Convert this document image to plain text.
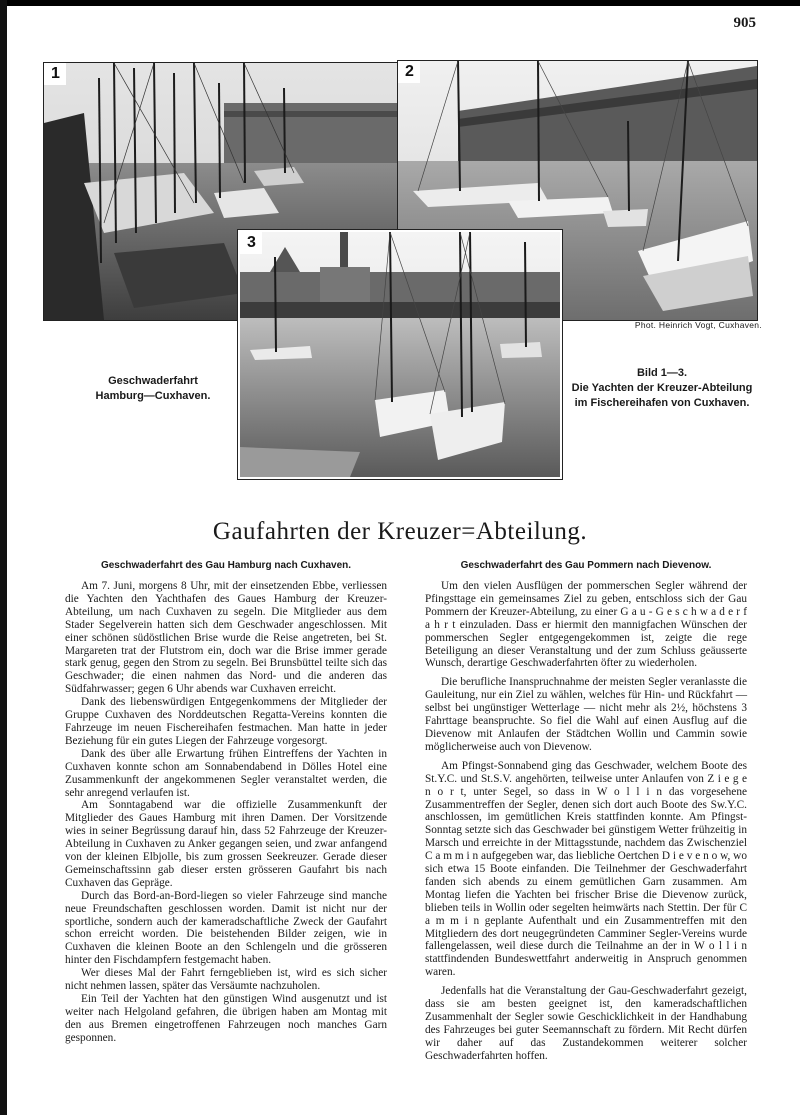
905
1	2
3
Geschwaderfahrt
Hamburg—Cuxhaven.
Phot. Heinrich Vogt, Cuxhaven.
Bild 1—3.
Die Yachten der Kreuzer-Abteilung
im Fischereihafen von Cuxhaven.
Gaufahrten der Kreuzer=Abteilung.
Geschwaderfahrt des Gau Hamburg nach Cuxhaven.

Am 7. Juni, morgens 8 Uhr, mit der einsetzenden Ebbe, verliessen die Yachten den Yachthafen des Gaues Hamburg der Kreuzer-Abteilung, um nach Cuxhaven zu segeln. Die Mitglieder aus dem Stader Segelverein hatten sich dem Geschwader angeschlossen. Mit einer schönen südöstlichen Brise wurde die Reise angetreten, bei St. Margareten trat der Flutstrom ein, doch war die Brise immer gerade stark genug, gegen den Strom zu segeln. Bei Brunsbüttel teilte sich das Geschwader; die einen nahmen das Nord- und die anderen das Südfahrwasser; gegen 6 Uhr abends war Cuxhaven erreicht.

Dank des liebenswürdigen Entgegenkommens der Mitglieder der Gruppe Cuxhaven des Norddeutschen Regatta-Vereins konnten die Fahrzeuge im neuen Fischereihafen festmachen. Man hatte in jeder Beziehung für ein gutes Liegen der Fahrzeuge vorgesorgt.

Dank des über alle Erwartung frühen Eintreffens der Yachten in Cuxhaven konnte schon am Sonnabendabend in Dölles Hotel eine Zusammenkunft der angekommenen Segler veranstaltet werden, die sehr anregend verlaufen ist.

Am Sonntagabend war die offizielle Zusammenkunft der Mitglieder des Gaues Hamburg mit ihren Damen. Der Vorsitzende wies in seiner Begrüssung darauf hin, dass 52 Fahrzeuge der Kreuzer-Abteilung in Cuxhaven zu Anker gegangen seien, und zwar anfangend von der kleinen Elbjolle, bis zum grossen Seekreuzer. Gerade dieser Gemeinschaftssinn gab dieser ersten grösseren Gaufahrt bis nach Cuxhaven das Gepräge.

Durch das Bord-an-Bord-liegen so vieler Fahrzeuge sind manche neue Freundschaften geschlossen worden. Damit ist nicht nur der sportliche, sondern auch der kameradschaftliche Zweck der Gaufahrt schon erreicht worden. Die beistehenden Bilder zeigen, wie in Cuxhaven die kleinen Boote an den Schlengeln und die grösseren hinter den Fischdampfern festgemacht haben.

Wer dieses Mal der Fahrt ferngeblieben ist, wird es sich sicher nicht nehmen lassen, später das Versäumte nachzuholen.

Ein Teil der Yachten hat den günstigen Wind ausgenutzt und ist weiter nach Helgoland gefahren, die übrigen haben am Montag mit den aus Bremen eingetroffenen Fahrzeugen noch manches Garn gesponnen.

Geschwaderfahrt des Gau Pommern nach Dievenow.

Um den vielen Ausflügen der pommerschen Segler während der Pfingsttage ein gemeinsames Ziel zu geben, entschloss sich der Gau Pommern der Kreuzer-Abteilung, zu einer G a u - G e s c h w a d e r f a h r t einzuladen. Dass er hiermit den mannigfachen Wünschen der pommerschen Segler entgegengekommen ist, zeigte die rege Beteiligung an dieser Veranstaltung und der zum Schluss geäusserte Wunsch, derartige Geschwaderfahrten öfter zu wiederholen.

Die berufliche Inanspruchnahme der meisten Segler veranlasste die Gauleitung, nur ein Ziel zu wählen, welches für Hin- und Rückfahrt — selbst bei ungünstiger Wetterlage — nicht mehr als 2½, höchstens 3 Fahrttage beanspruchte. So fiel die Wahl auf einen Ausflug auf die Dievenow mit Anlaufen der Städtchen Wollin und Cammin sowie möglicherweise auch von Dievenow.

Am Pfingst-Sonnabend ging das Geschwader, welchem Boote des St.Y.C. und St.S.V. angehörten, teilweise unter Anlaufen von Z i e g e n o r t, unter Segel, so dass in W o l l i n das vorgesehene Zusammentreffen der Segler, denen sich dort auch Boote des Sw.Y.C. anschlossen, im gemütlichen Kreis stattfinden konnte. Am Pfingst-Sonntag setzte sich das Geschwader bei günstigem Wetter frühzeitig in Marsch und erreichte in der Mittagsstunde, nachdem das Zwischenziel C a m m i n aufgegeben war, das liebliche Oertchen D i e v e n o w, wo sich etwa 15 Boote einfanden. Die Teilnehmer der Geschwaderfahrt fanden sich abends zu einem gemütlichen Garn zusammen. Am Montag liefen die Yachten bei frischer Brise die Dievenow zurück, blieben teils in Wollin oder segelten heimwärts nach Stettin. Der für C a m m i n geplante Aufenthalt und ein Zusammentreffen mit den Mitgliedern des dort neugegründeten Camminer Segler-Vereins wurde fallengelassen, weil diese durch die Teilnahme an der in W o l l i n stattfindenden Bundeswettfahrt anderweitig in Anspruch genommen waren.

Jedenfalls hat die Veranstaltung der Gau-Geschwaderfahrt gezeigt, dass sie am besten geeignet ist, den kameradschaftlichen Zusammenhalt der Segler sowie Geschicklichkeit in der Handhabung des Fahrzeuges bei guter Seemannschaft zu fördern. Mit Recht dürfen wir daher auf das Zustandekommen weiterer solcher Geschwaderfahrten hoffen.
